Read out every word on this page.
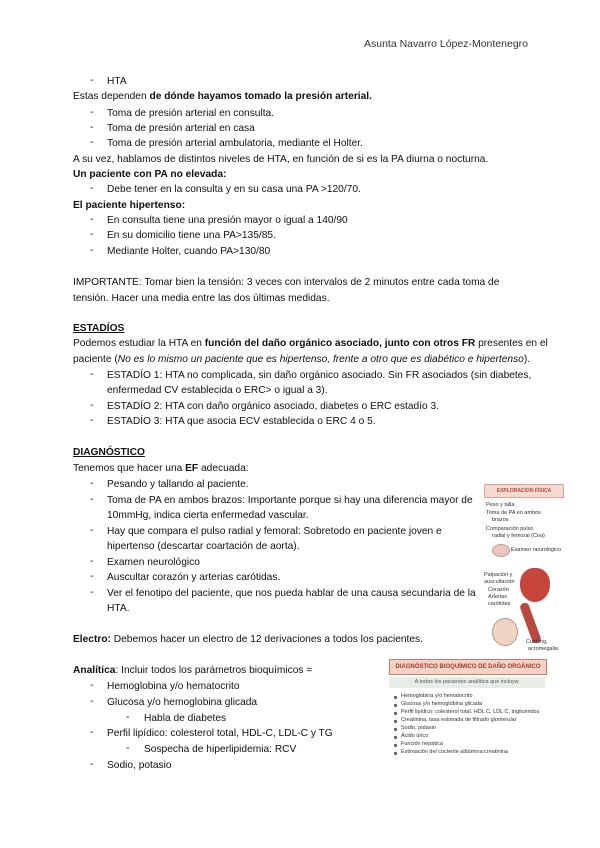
Asunta Navarro López-Montenegro
- HTA
Estas dependen de dónde hayamos tomado la presión arterial.
- Toma de presión arterial en consulta.
- Toma de presión arterial en casa
- Toma de presión arterial ambulatoria, mediante el Holter.
A su vez, hablamos de distintos niveles de HTA, en función de si es la PA diurna o nocturna.
Un paciente con PA no elevada:
- Debe tener en la consulta y en su casa una PA >120/70.
El paciente hipertenso:
- En consulta tiene una presión mayor o igual a 140/90
- En su domicilio tiene una PA>135/85.
- Mediante Holter, cuando PA>130/80
IMPORTANTE: Tomar bien la tensión: 3 veces con intervalos de 2 minutos entre cada toma de
tensión. Hacer una media entre las dos últimas medidas.
ESTADÍOS
Podemos estudiar la HTA en función del daño orgánico asociado, junto con otros FR presentes en el
paciente (No es lo mismo un paciente que es hipertenso, frente a otro que es diabético e hipertenso).
- ESTADÍO 1: HTA no complicada, sin daño orgánico asociado. Sin FR asociados (sin diabetes,
enfermedad CV establecida o ERC> o igual a 3).
- ESTADÍO 2: HTA con daño orgánico asociado, diabetes o ERC estadío 3.
- ESTADÍO 3: HTA que asocia ECV establecida o ERC 4 o 5.
DIAGNÓSTICO
Tenemos que hacer una EF adecuada:
- Pesando y tallando al paciente.
- Toma de PA en ambos brazos: Importante porque si hay una diferencia mayor de
10mmHg, indica cierta enfermedad vascular.
- Hay que compara el pulso radial y femoral: Sobretodo en paciente joven e
hipertenso (descartar coartación de aorta).
- Examen neurológico
- Auscultar corazón y arterias carótidas.
- Ver el fenotipo del paciente, que nos pueda hablar de una causa secundaria de la
HTA.
Electro: Debemos hacer un electro de 12 derivaciones a todos los pacientes.
Analítica: Incluir todos los parámetros bioquímicos =
- Hemoglobina y/o hematocrito
- Glucosa y/o hemoglobina glicada
- Habla de diabetes
- Perfil lipídico: colesterol total, HDL-C, LDL-C y TG
- Sospecha de hiperlipidemia: RCV
- Sodio, potasio
EXPLORACIÓN FÍSICA
Peso y talla
Toma de PA en ambos
brazos
Comparación pulso
radial y femoral (Coa)
Examen neurológico
Palpación y
auscultación
Corazón
Arterias
carótidas
Cushing,
acromegalia
DIAGNÓSTICO BIOQUÍMICO DE DAÑO ORGÁNICO
A todos los pacientes analítica que incluya:
Hemoglobina y/o hematocrito
Glucosa y/o hemoglobina glicada
Perfil lipídico: colesterol total, HDL C, LDL C, triglicéridos
Creatinina, tasa estimada de filtrado glomerular
Sodio, potasio
Ácido úrico
Función hepática
Estimación del cociente albúmina:creatinina
